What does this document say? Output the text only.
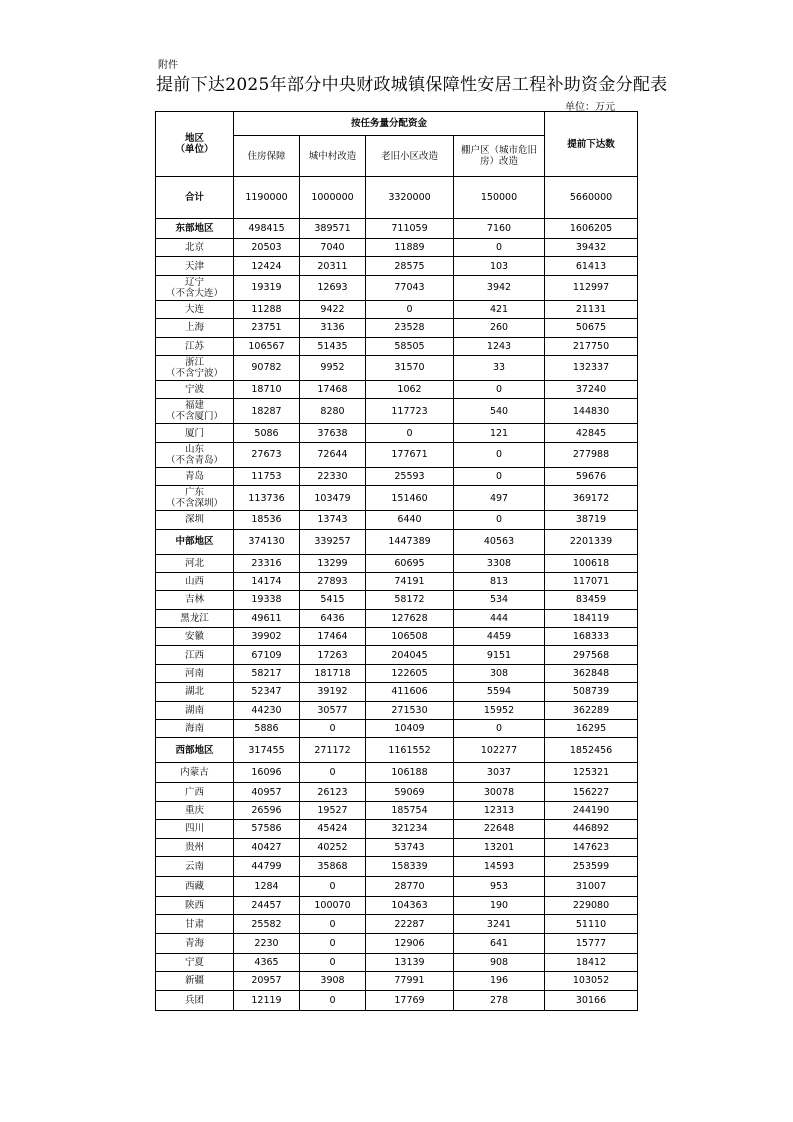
附件
提前下达2025年部分中央财政城镇保障性安居工程补助资金分配表
单位：万元
地区
（单位）	按任务量分配资金				提前下达数
	住房保障	城中村改造	老旧小区改造	棚户区（城市危旧
房）改造	

合计	1190000	1000000	3320000	150000	5660000

东部地区	498415	389571	711059	7160	1606205

北京	20503	7040	11889	0	39432

天津	12424	20311	28575	103	61413

辽宁
（不含大连）	19319	12693	77043	3942	112997

大连	11288	9422	0	421	21131

上海	23751	3136	23528	260	50675

江苏	106567	51435	58505	1243	217750

浙江
（不含宁波）	90782	9952	31570	33	132337

宁波	18710	17468	1062	0	37240

福建
（不含厦门）	18287	8280	117723	540	144830

厦门	5086	37638	0	121	42845

山东
（不含青岛）	27673	72644	177671	0	277988

青岛	11753	22330	25593	0	59676

广东
（不含深圳）	113736	103479	151460	497	369172

深圳	18536	13743	6440	0	38719

中部地区	374130	339257	1447389	40563	2201339

河北	23316	13299	60695	3308	100618

山西	14174	27893	74191	813	117071

吉林	19338	5415	58172	534	83459

黑龙江	49611	6436	127628	444	184119

安徽	39902	17464	106508	4459	168333

江西	67109	17263	204045	9151	297568

河南	58217	181718	122605	308	362848

湖北	52347	39192	411606	5594	508739

湖南	44230	30577	271530	15952	362289

海南	5886	0	10409	0	16295

西部地区	317455	271172	1161552	102277	1852456

内蒙古	16096	0	106188	3037	125321

广西	40957	26123	59069	30078	156227

重庆	26596	19527	185754	12313	244190

四川	57586	45424	321234	22648	446892

贵州	40427	40252	53743	13201	147623

云南	44799	35868	158339	14593	253599

西藏	1284	0	28770	953	31007

陕西	24457	100070	104363	190	229080

甘肃	25582	0	22287	3241	51110

青海	2230	0	12906	641	15777

宁夏	4365	0	13139	908	18412

新疆	20957	3908	77991	196	103052

兵团	12119	0	17769	278	30166
